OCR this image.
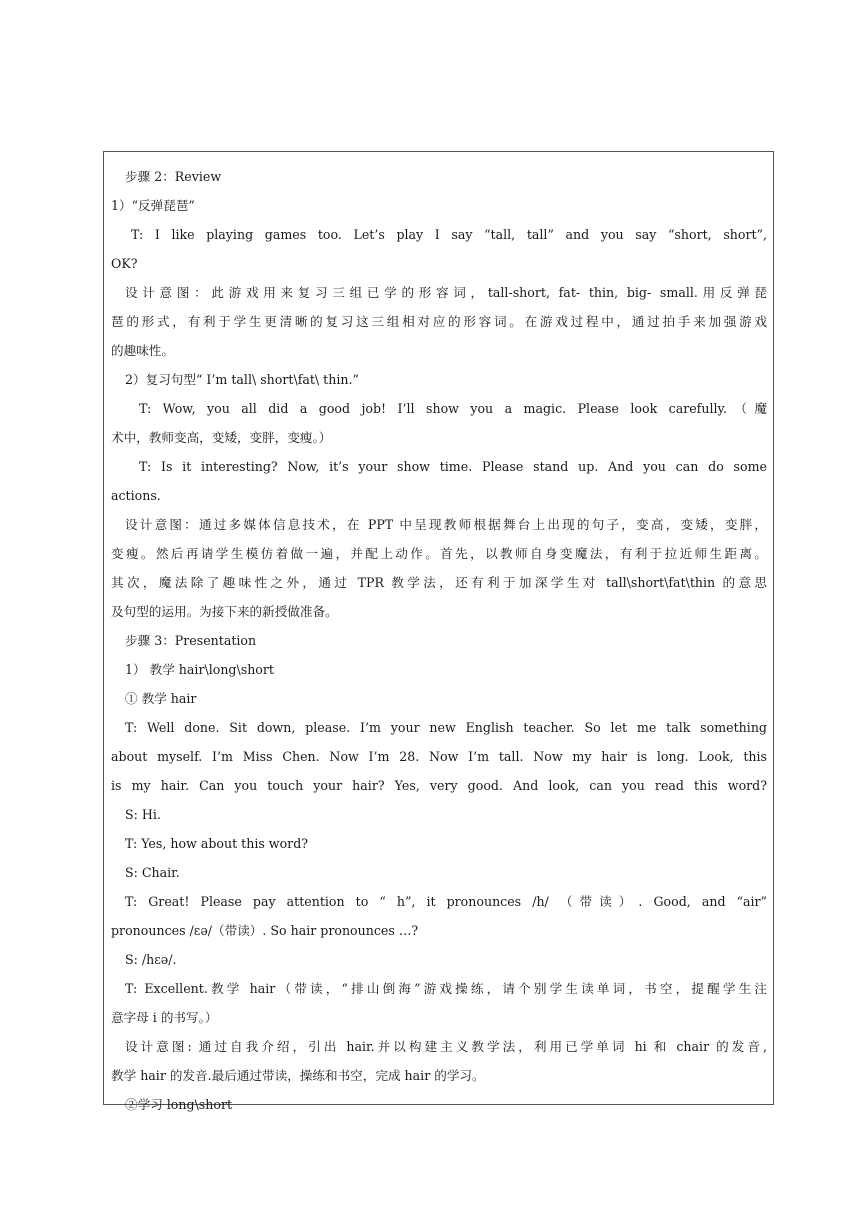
步骤 2：Review
1）“反弹琵琶”
T: I like playing games too. Let’s play I say “tall, tall” and you say “short, short”,
OK?
设计意图：此游戏用来复习三组已学的形容词，tall-short, fat- thin, big- small.用反弹琵
琶的形式，有利于学生更清晰的复习这三组相对应的形容词。在游戏过程中，通过拍手来加强游戏
的趣味性。
2）复习句型“ I’m tall\ short\fat\ thin.”
T: Wow, you all did a good job! I’ll show you a magic. Please look carefully.（魔
术中，教师变高，变矮，变胖，变瘦。）
T: Is it interesting? Now, it’s your show time. Please stand up. And you can do some
actions.
设计意图：通过多媒体信息技术，在 PPT 中呈现教师根据舞台上出现的句子，变高，变矮，变胖，
变瘦。然后再请学生模仿着做一遍，并配上动作。首先，以教师自身变魔法，有利于拉近师生距离。
其次，魔法除了趣味性之外，通过 TPR 教学法，还有利于加深学生对 tall\short\fat\thin 的意思
及句型的运用。为接下来的新授做准备。
步骤 3：Presentation
1） 教学 hair\long\short
① 教学 hair
T: Well done. Sit down, please. I’m your new English teacher. So let me talk something
about myself. I’m Miss Chen. Now I’m 28. Now I’m tall. Now my hair is long. Look, this
is my hair. Can you touch your hair? Yes, very good. And look, can you read this word?
S: Hi.
T: Yes, how about this word?
S: Chair.
T: Great! Please pay attention to “ h”, it pronounces /h/ （带读）. Good, and “air”
pronounces /ɛə/（带读）. So hair pronounces …?
S: /hɛə/.
T: Excellent.教学 hair（带读，“排山倒海”游戏操练，请个别学生读单词，书空，提醒学生注
意字母 i 的书写。）
设计意图: 通过自我介绍，引出 hair.并以构建主义教学法，利用已学单词 hi 和 chair 的发音,
教学 hair 的发音.最后通过带读，操练和书空，完成 hair 的学习。
②学习 long\short
